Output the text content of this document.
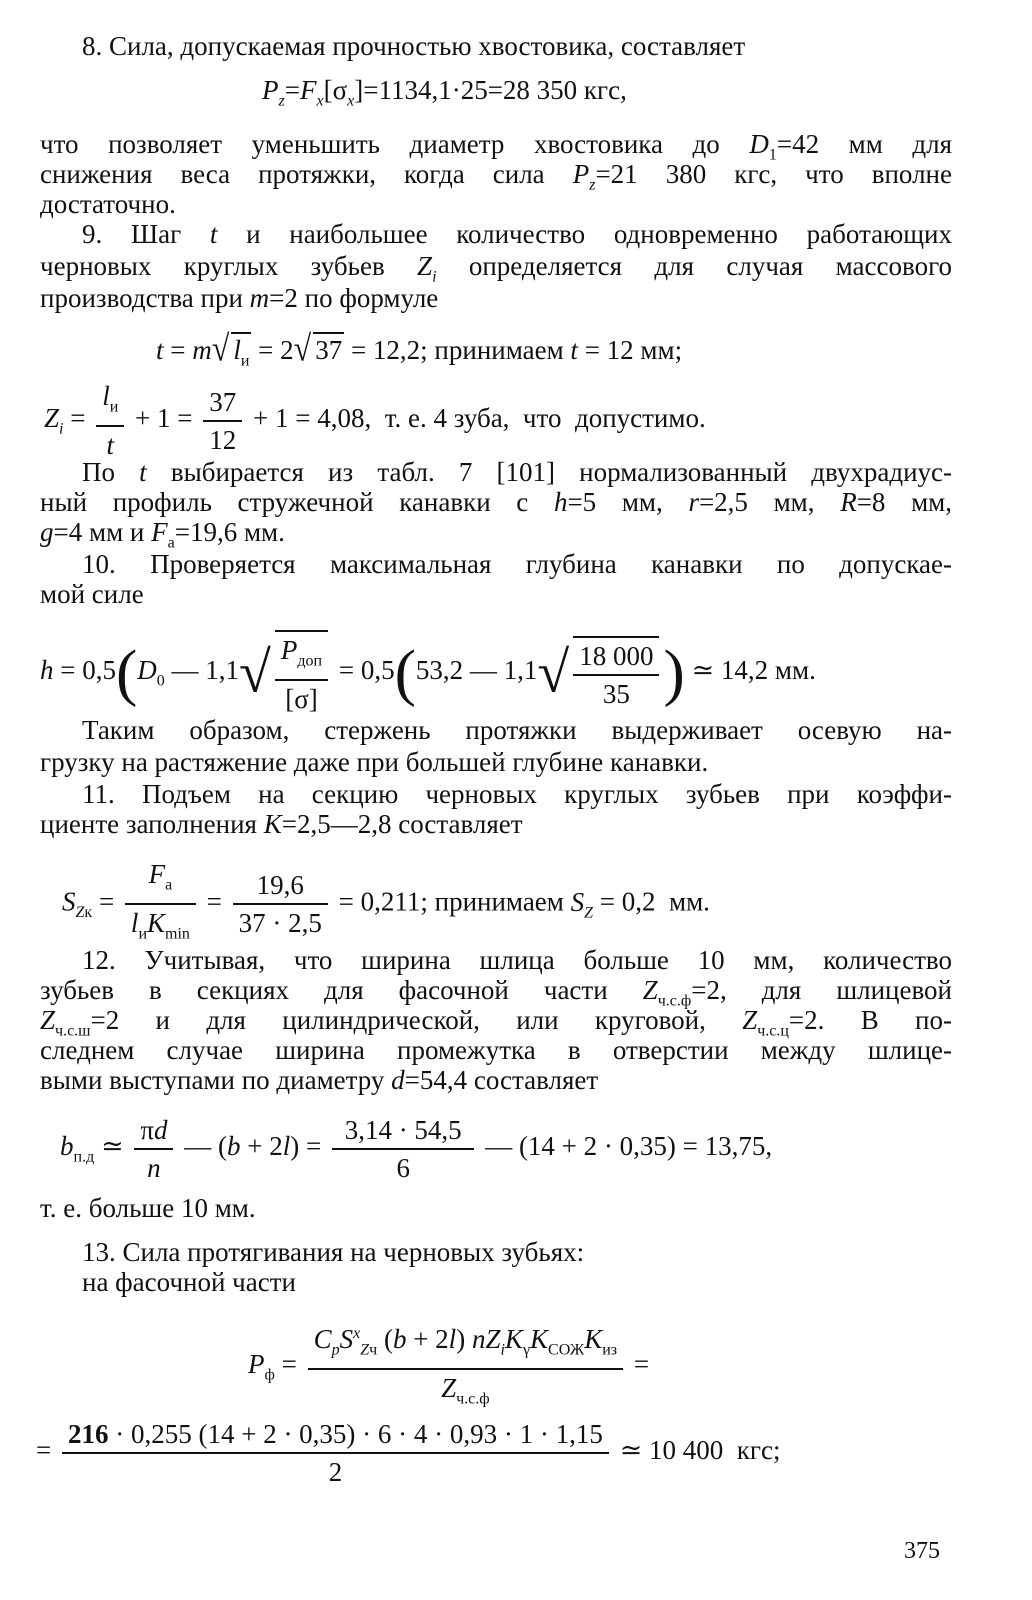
8. Сила, допускаемая прочностью хвостовика, составляет
$P_z=F_x[\sigma_x]=1134,1\cdot 25=28$ 350 кгс,
что позволяет уменьшить диаметр хвостовика до $D_1=42$ мм для
снижения веса протяжки, когда сила $P_z=21$ 380 кгс, что вполне
достаточно.
9. Шаг t и наибольшее количество одновременно работающих
черновых круглых зубьев $Z_i$ определяется для случая массового
производства при m=2 по формуле
t = m√ $l_и = 2√$ 37 = 12,2; принимаем t = 12 мм;
$Z_i = \frac{l_и}{t} + 1 = \frac{37}{12} + 1 = 4,08$,  т. е. 4 зуба,  что  допустимо.
По t выбирается из табл. 7 [101] нормализованный двухрадиус-
ный профиль стружечной канавки с h=5 мм, r=2,5 мм, R=8 мм,
g=4 мм и $F_a=19,6$ мм.
10. Проверяется максимальная глубина канавки по допускае-
мой силе
$h = 0,5(D_0$ — $1,1√ \frac{P_{доп}}{[\sigma]} = 0,5(53,2$ — $1,1√ \frac{18 000}{35}$ ) ≃ 14,2 мм.
Таким образом, стержень протяжки выдерживает осевую на-
грузку на растяжение даже при большей глубине канавки.
11. Подъем на секцию черновых круглых зубьев при коэффи-
циенте заполнения K=2,5—2,8 составляет
$S_{Zк} = \frac{F_a}{l_иK_{min}} = \frac{19,6}{37 \cdot 2,5} = 0,211$; принимаем $S_Z = 0,2$  мм.
12. Учитывая, что ширина шлица больше 10 мм, количество
зубьев в секциях для фасочной части $Z_{ч.с.ф}=2$, для шлицевой
$Z_{ч.с.ш}=2$ и для цилиндрической, или круговой, $Z_{ч.с.ц}=2$. В по-
следнем случае ширина промежутка в отверстии между шлице-
выми выступами по диаметру d=54,4 составляет
$b_{п.д}$ ≃ $\frac{\pi d}{n}$ — $(b + 2l) = \frac{3,14 \cdot 54,5}{6}$ — (14 + 2 · 0,35) = 13,75,
т. е. больше 10 мм.
13. Сила протягивания на черновых зубьях:
на фасочной части
$P_ф = \frac{C_pS^x_{Zч} (b + 2l) nZ_iK_\gamma K_{СОЖ}K_{из}}{Z_{ч.с.ф}}$ =
= $\frac{216 \cdot 0,255 (14 + 2 \cdot 0,35) \cdot 6 \cdot 4 \cdot 0,93 \cdot 1 \cdot 1,15}{2}$ ≃ 10 400  кгс;
375
